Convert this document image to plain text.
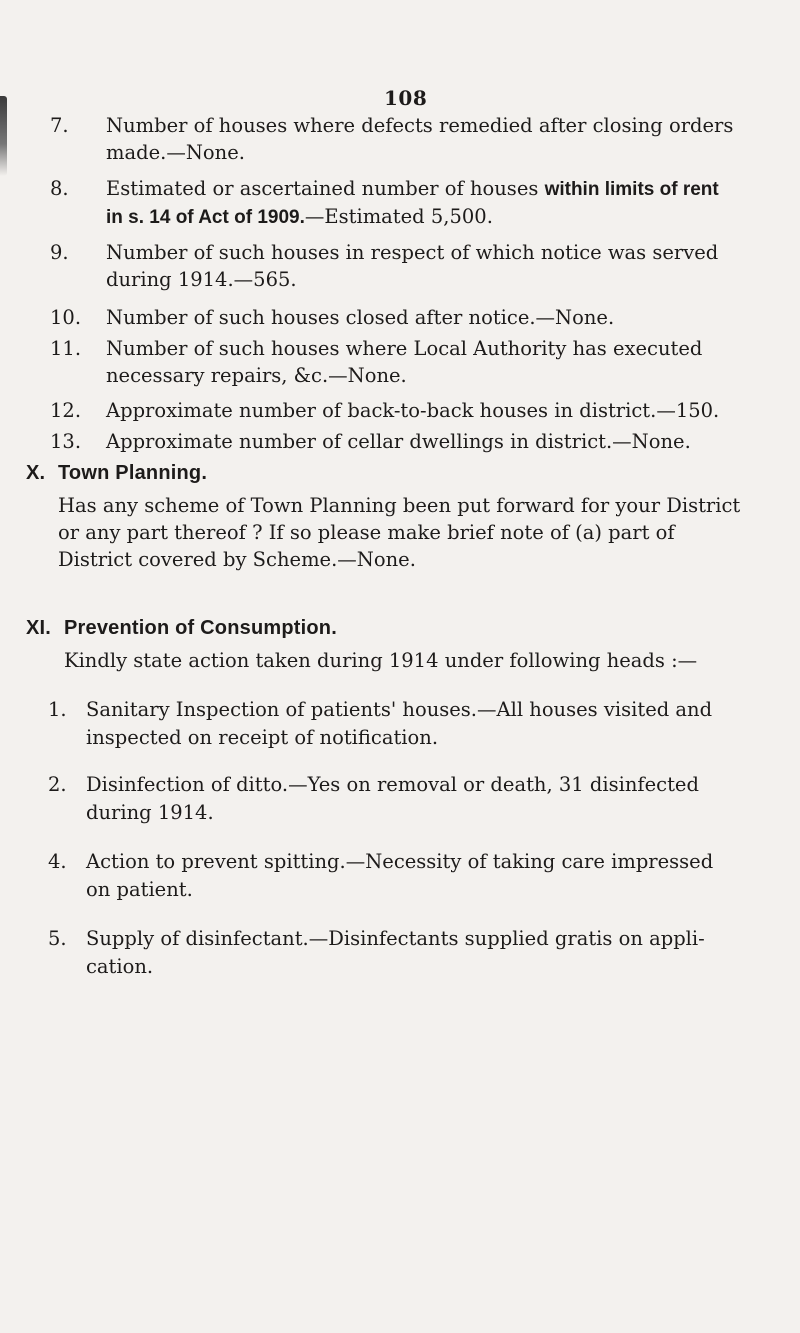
108
7.	Number of houses where defects remedied after closing orders
made.—None.
8.	Estimated or ascertained number of houses within limits of rent
in s. 14 of Act of 1909.—Estimated 5,500.
9.	Number of such houses in respect of which notice was served
during 1914.—565.
10. Number of such houses closed after notice.—None.
11. Number of such houses where Local Authority has executed
necessary repairs, &c.—None.
12. Approximate number of back-to-back houses in district.—150.
13. Approximate number of cellar dwellings in district.—None.
X. Town Planning.
Has any scheme of Town Planning been put forward for your District
or any part thereof ? If so please make brief note of (a) part of
District covered by Scheme.—None.
XI. Prevention of Consumption.
Kindly state action taken during 1914 under following heads :—
1. Sanitary Inspection of patients' houses.—All houses visited and
inspected on receipt of notification.
2. Disinfection of ditto.—Yes on removal or death, 31 disinfected
during 1914.
4. Action to prevent spitting.—Necessity of taking care impressed
on patient.
5. Supply of disinfectant.—Disinfectants supplied gratis on appli-
cation.
